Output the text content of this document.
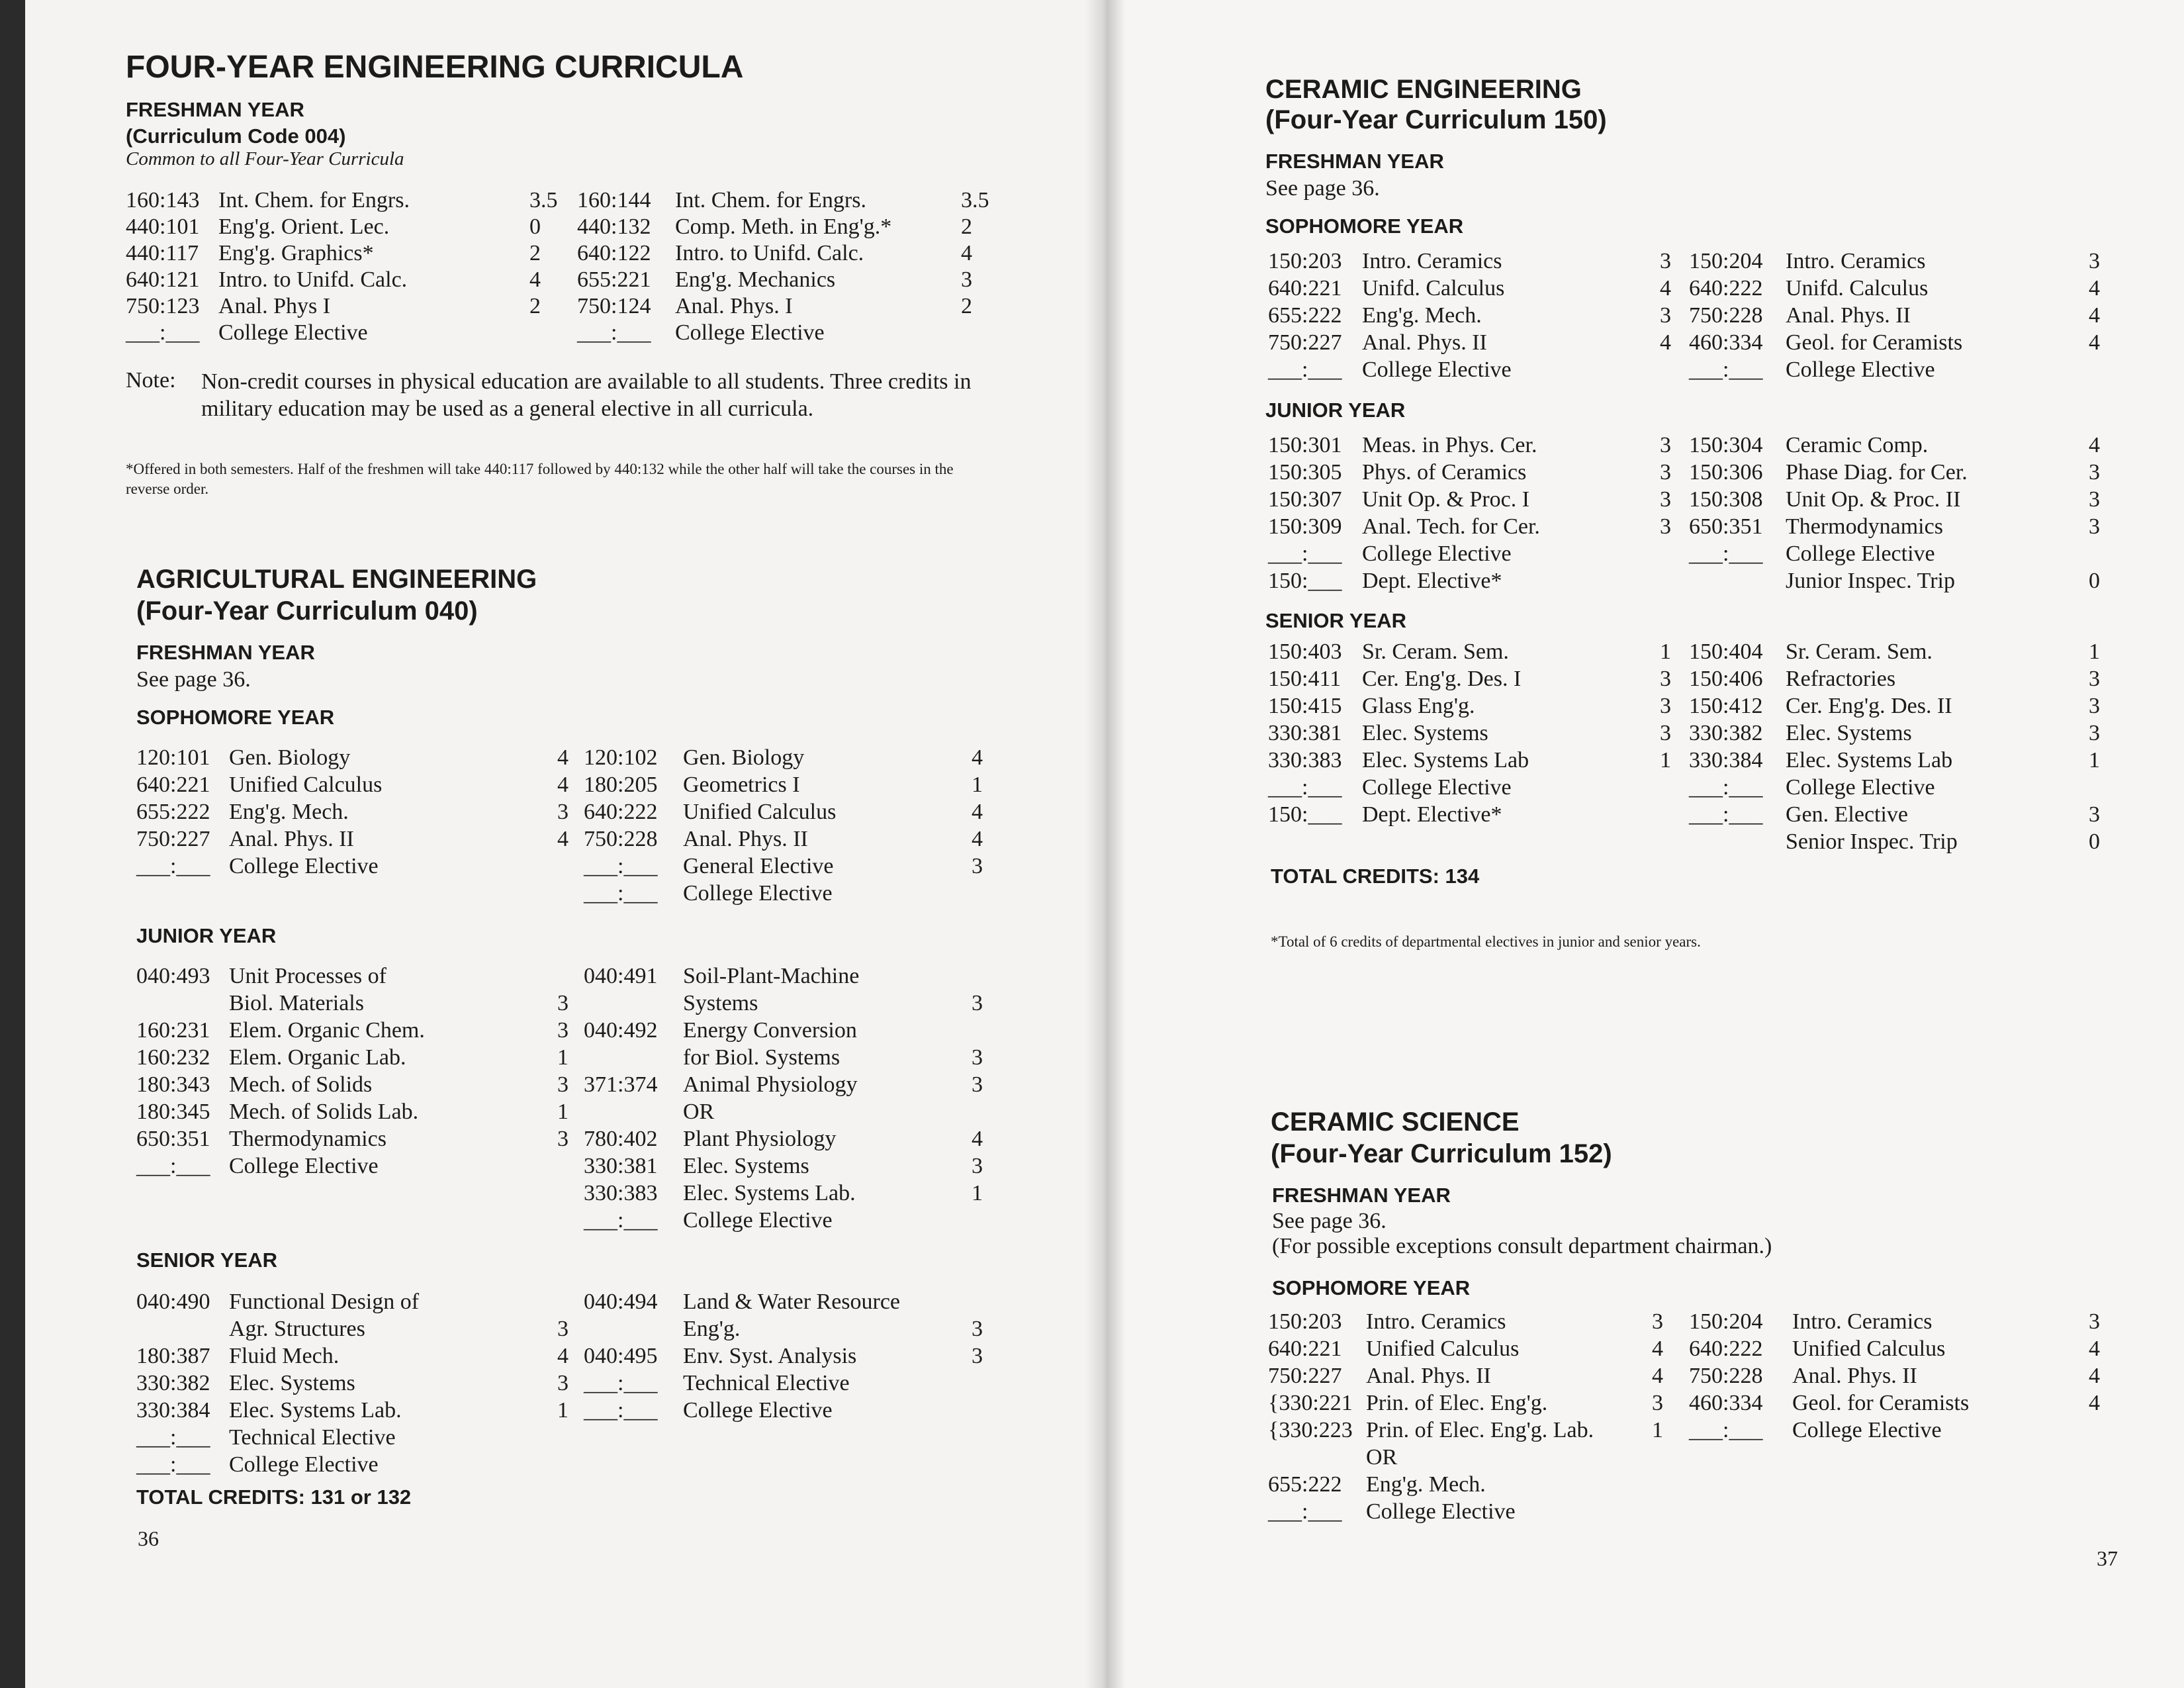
FOUR-YEAR ENGINEERING CURRICULA
FRESHMAN YEAR
(Curriculum Code 004)
Common to all Four-Year Curricula
160:143 Int. Chem. for Engrs.	3.5 160:144 Int. Chem. for Engrs.	3.5
440:101 Eng'g. Orient. Lec.	0 440:132 Comp. Meth. in Eng'g.*	2
440:117 Eng'g. Graphics*	2 640:122 Intro. to Unifd. Calc.	4
640:121 Intro. to Unifd. Calc.	4 655:221 Eng'g. Mechanics	3
750:123 Anal. Phys I	2 750:124 Anal. Phys. I	2
___:___ College Elective	___:___ College Elective
Note: Non-credit courses in physical education are available to all students. Three credits in military education may be used as a general elective in all curricula.
*Offered in both semesters. Half of the freshmen will take 440:117 followed by 440:132 while the other half will take the courses in the reverse order.
AGRICULTURAL ENGINEERING
(Four-Year Curriculum 040)
FRESHMAN YEAR
See page 36.
SOPHOMORE YEAR
120:101 Gen. Biology	4 120:102 Gen. Biology	4
640:221 Unified Calculus	4 180:205 Geometrics I	1
655:222 Eng'g. Mech.	3 640:222 Unified Calculus	4
750:227 Anal. Phys. II	4 750:228 Anal. Phys. II	4
___:___ College Elective	___:___ General Elective	3
___:___ College Elective
JUNIOR YEAR
040:493 Unit Processes of	040:491 Soil-Plant-Machine
Biol. Materials	3	Systems	3
160:231 Elem. Organic Chem.	3 040:492 Energy Conversion
160:232 Elem. Organic Lab.	1	for Biol. Systems	3
180:343 Mech. of Solids	3 371:374 Animal Physiology	3
180:345 Mech. of Solids Lab.	1	OR
650:351 Thermodynamics	3 780:402 Plant Physiology	4
___:___ College Elective	330:381 Elec. Systems	3
330:383 Elec. Systems Lab.	1
___:___ College Elective
SENIOR YEAR
040:490 Functional Design of	040:494 Land & Water Resource
Agr. Structures	3	Eng'g.	3
180:387 Fluid Mech.	4 040:495 Env. Syst. Analysis	3
330:382 Elec. Systems	3 ___:___ Technical Elective
330:384 Elec. Systems Lab.	1 ___:___ College Elective
___:___ Technical Elective
___:___ College Elective
TOTAL CREDITS: 131 or 132
36
CERAMIC ENGINEERING
(Four-Year Curriculum 150)
FRESHMAN YEAR
See page 36.
SOPHOMORE YEAR
150:203 Intro. Ceramics	3 150:204 Intro. Ceramics	3
640:221 Unifd. Calculus	4 640:222 Unifd. Calculus	4
655:222 Eng'g. Mech.	3 750:228 Anal. Phys. II	4
750:227 Anal. Phys. II	4 460:334 Geol. for Ceramists	4
___:___ College Elective	___:___ College Elective
JUNIOR YEAR
150:301 Meas. in Phys. Cer.	3 150:304 Ceramic Comp.	4
150:305 Phys. of Ceramics	3 150:306 Phase Diag. for Cer.	3
150:307 Unit Op. & Proc. I	3 150:308 Unit Op. & Proc. II	3
150:309 Anal. Tech. for Cer.	3 650:351 Thermodynamics	3
___:___ College Elective	___:___ College Elective
150:___ Dept. Elective*	Junior Inspec. Trip	0
SENIOR YEAR
150:403 Sr. Ceram. Sem.	1 150:404 Sr. Ceram. Sem.	1
150:411 Cer. Eng'g. Des. I	3 150:406 Refractories	3
150:415 Glass Eng'g.	3 150:412 Cer. Eng'g. Des. II	3
330:381 Elec. Systems	3 330:382 Elec. Systems	3
330:383 Elec. Systems Lab	1 330:384 Elec. Systems Lab	1
___:___ College Elective	___:___ College Elective
150:___ Dept. Elective*	___:___ Gen. Elective	3
Senior Inspec. Trip	0
TOTAL CREDITS: 134
*Total of 6 credits of departmental electives in junior and senior years.
CERAMIC SCIENCE
(Four-Year Curriculum 152)
FRESHMAN YEAR
See page 36.
(For possible exceptions consult department chairman.)
SOPHOMORE YEAR
150:203 Intro. Ceramics	3 150:204 Intro. Ceramics	3
640:221 Unified Calculus	4 640:222 Unified Calculus	4
750:227 Anal. Phys. II	4 750:228 Anal. Phys. II	4
{330:221 Prin. of Elec. Eng'g.	3 460:334 Geol. for Ceramists	4
{330:223 Prin. of Elec. Eng'g. Lab.	1 ___:___ College Elective
OR
655:222 Eng'g. Mech.
___:___ College Elective
37
